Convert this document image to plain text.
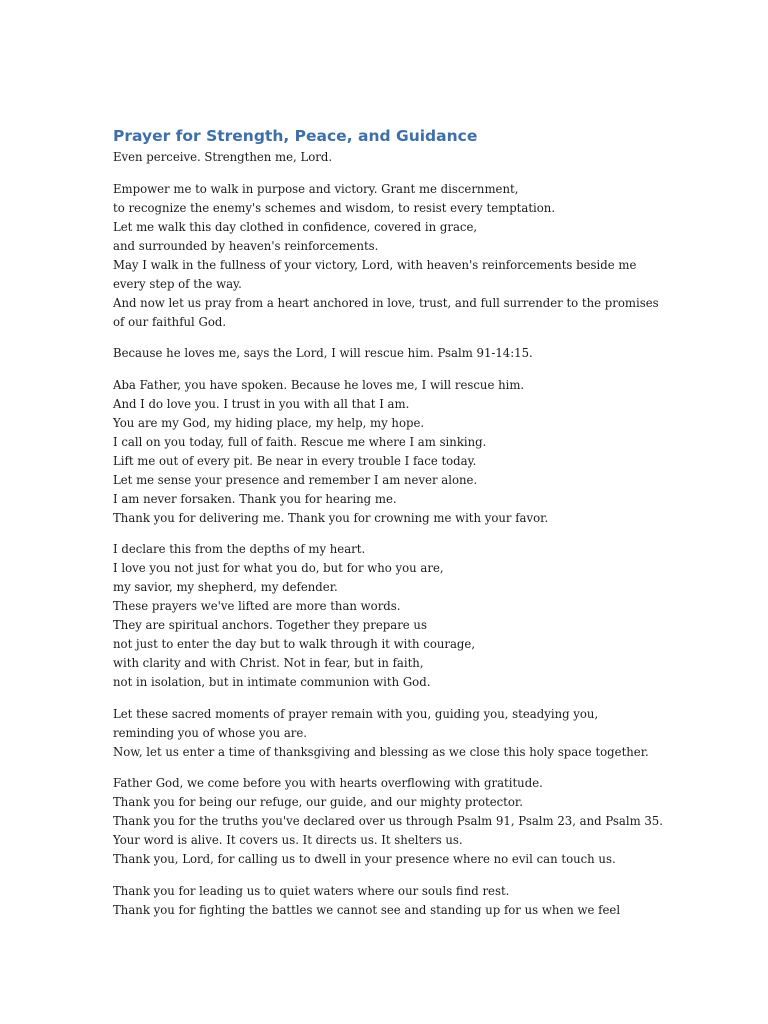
Prayer for Strength, Peace, and Guidance
Even perceive. Strengthen me, Lord.
Empower me to walk in purpose and victory. Grant me discernment,
to recognize the enemy's schemes and wisdom, to resist every temptation.
Let me walk this day clothed in confidence, covered in grace,
and surrounded by heaven's reinforcements.
May I walk in the fullness of your victory, Lord, with heaven's reinforcements beside me
every step of the way.
And now let us pray from a heart anchored in love, trust, and full surrender to the promises
of our faithful God.
Because he loves me, says the Lord, I will rescue him. Psalm 91-14:15.
Aba Father, you have spoken. Because he loves me, I will rescue him.
And I do love you. I trust in you with all that I am.
You are my God, my hiding place, my help, my hope.
I call on you today, full of faith. Rescue me where I am sinking.
Lift me out of every pit. Be near in every trouble I face today.
Let me sense your presence and remember I am never alone.
I am never forsaken. Thank you for hearing me.
Thank you for delivering me. Thank you for crowning me with your favor.
I declare this from the depths of my heart.
I love you not just for what you do, but for who you are,
my savior, my shepherd, my defender.
These prayers we've lifted are more than words.
They are spiritual anchors. Together they prepare us
not just to enter the day but to walk through it with courage,
with clarity and with Christ. Not in fear, but in faith,
not in isolation, but in intimate communion with God.
Let these sacred moments of prayer remain with you, guiding you, steadying you,
reminding you of whose you are.
Now, let us enter a time of thanksgiving and blessing as we close this holy space together.
Father God, we come before you with hearts overflowing with gratitude.
Thank you for being our refuge, our guide, and our mighty protector.
Thank you for the truths you've declared over us through Psalm 91, Psalm 23, and Psalm 35.
Your word is alive. It covers us. It directs us. It shelters us.
Thank you, Lord, for calling us to dwell in your presence where no evil can touch us.
Thank you for leading us to quiet waters where our souls find rest.
Thank you for fighting the battles we cannot see and standing up for us when we feel
